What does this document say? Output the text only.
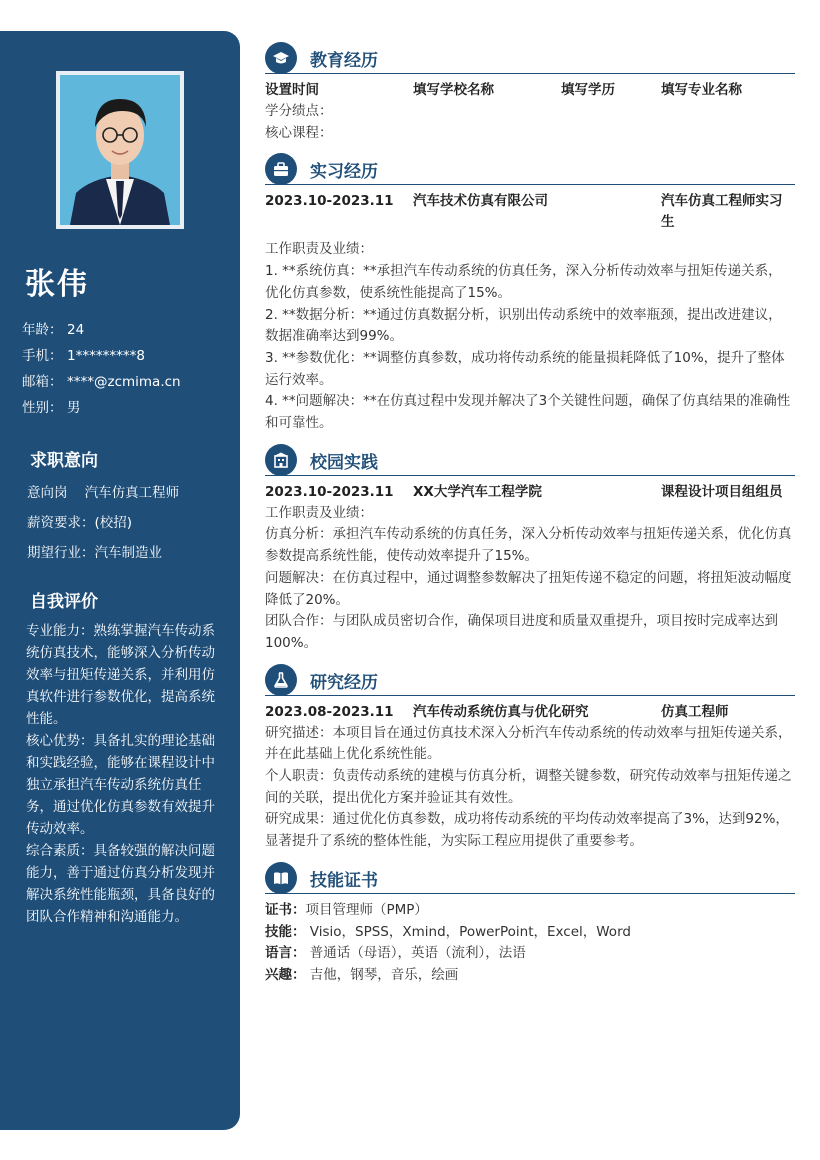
张伟
年龄： 24
手机： 1*********8
邮箱： ****@zcmima.cn
性别： 男
求职意向
意向岗    汽车仿真工程师
薪资要求：(校招)
期望行业：汽车制造业
自我评价
专业能力：熟练掌握汽车传动系统仿真技术，能够深入分析传动效率与扭矩传递关系，并利用仿真软件进行参数优化，提高系统性能。
核心优势：具备扎实的理论基础和实践经验，能够在课程设计中独立承担汽车传动系统仿真任务，通过优化仿真参数有效提升传动效率。
综合素质：具备较强的解决问题能力，善于通过仿真分析发现并解决系统性能瓶颈，具备良好的团队合作精神和沟通能力。
教育经历
设置时间	填写学校名称	填写学历	填写专业名称
学分绩点：
核心课程：
实习经历
2023.10-2023.11	汽车技术仿真有限公司	汽车仿真工程师实习生
工作职责及业绩：
1. **系统仿真：**承担汽车传动系统的仿真任务，深入分析传动效率与扭矩传递关系，优化仿真参数，使系统性能提高了15%。
2. **数据分析：**通过仿真数据分析，识别出传动系统中的效率瓶颈，提出改进建议，数据准确率达到99%。
3. **参数优化：**调整仿真参数，成功将传动系统的能量损耗降低了10%，提升了整体运行效率。
4. **问题解决：**在仿真过程中发现并解决了3个关键性问题，确保了仿真结果的准确性和可靠性。
校园实践
2023.10-2023.11	XX大学汽车工程学院	课程设计项目组组员
工作职责及业绩：
仿真分析：承担汽车传动系统的仿真任务，深入分析传动效率与扭矩传递关系，优化仿真参数提高系统性能，使传动效率提升了15%。
问题解决：在仿真过程中，通过调整参数解决了扭矩传递不稳定的问题，将扭矩波动幅度降低了20%。
团队合作：与团队成员密切合作，确保项目进度和质量双重提升，项目按时完成率达到100%。
研究经历
2023.08-2023.11	汽车传动系统仿真与优化研究	仿真工程师
研究描述：本项目旨在通过仿真技术深入分析汽车传动系统的传动效率与扭矩传递关系，并在此基础上优化系统性能。
个人职责：负责传动系统的建模与仿真分析，调整关键参数，研究传动效率与扭矩传递之间的关联，提出优化方案并验证其有效性。
研究成果：通过优化仿真参数，成功将传动系统的平均传动效率提高了3%，达到92%，显著提升了系统的整体性能，为实际工程应用提供了重要参考。
技能证书
证书：项目管理师（PMP）
技能： Visio，SPSS，Xmind，PowerPoint，Excel，Word
语言： 普通话（母语），英语（流利），法语
兴趣： 吉他，钢琴，音乐，绘画
